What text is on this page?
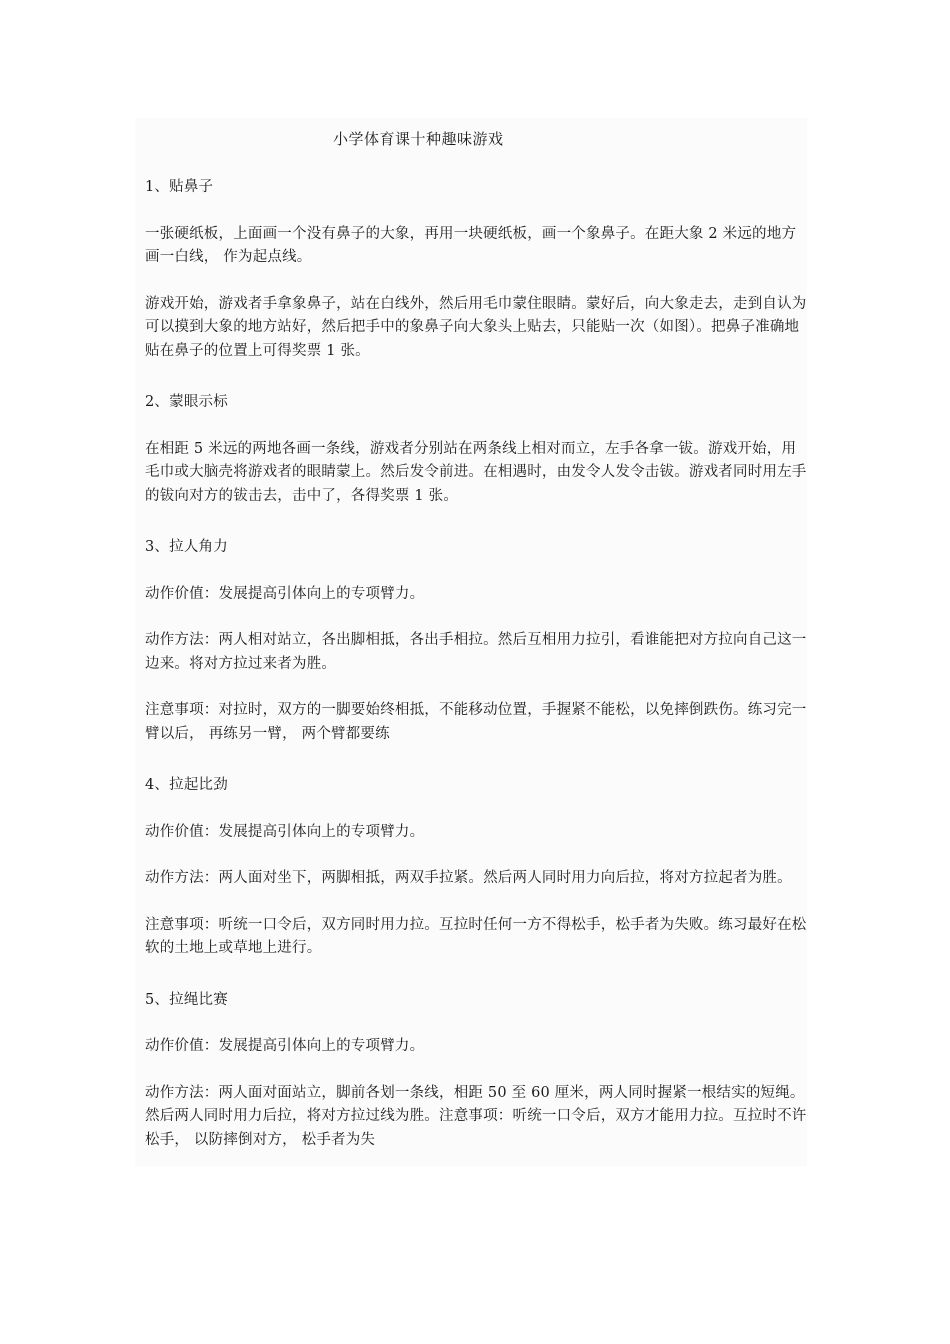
小学体育课十种趣味游戏

1、贴鼻子

一张硬纸板，上面画一个没有鼻子的大象，再用一块硬纸板，画一个象鼻子。在距大象 2 米远的地方画一白线， 作为起点线。

游戏开始，游戏者手拿象鼻子，站在白线外，然后用毛巾蒙住眼睛。蒙好后，向大象走去，走到自认为可以摸到大象的地方站好，然后把手中的象鼻子向大象头上贴去，只能贴一次（如图）。把鼻子准确地贴在鼻子的位置上可得奖票 1 张。

2、蒙眼示标

在相距 5 米远的两地各画一条线，游戏者分别站在两条线上相对而立，左手各拿一钹。游戏开始，用毛巾或大脑壳将游戏者的眼睛蒙上。然后发令前进。在相遇时，由发令人发令击钹。游戏者同时用左手的钹向对方的钹击去，击中了，各得奖票 1 张。

3、拉人角力

动作价值：发展提高引体向上的专项臂力。

动作方法：两人相对站立，各出脚相抵，各出手相拉。然后互相用力拉引，看谁能把对方拉向自己这一边来。将对方拉过来者为胜。

注意事项：对拉时，双方的一脚要始终相抵，不能移动位置，手握紧不能松，以免摔倒跌伤。练习完一臂以后， 再练另一臂， 两个臂都要练

4、拉起比劲

动作价值：发展提高引体向上的专项臂力。

动作方法：两人面对坐下，两脚相抵，两双手拉紧。然后两人同时用力向后拉，将对方拉起者为胜。

注意事项：听统一口令后，双方同时用力拉。互拉时任何一方不得松手，松手者为失败。练习最好在松软的土地上或草地上进行。

5、拉绳比赛

动作价值：发展提高引体向上的专项臂力。

动作方法：两人面对面站立，脚前各划一条线，相距 50 至 60 厘米，两人同时握紧一根结实的短绳。然后两人同时用力后拉，将对方拉过线为胜。注意事项：听统一口令后，双方才能用力拉。互拉时不许松手， 以防摔倒对方， 松手者为失
